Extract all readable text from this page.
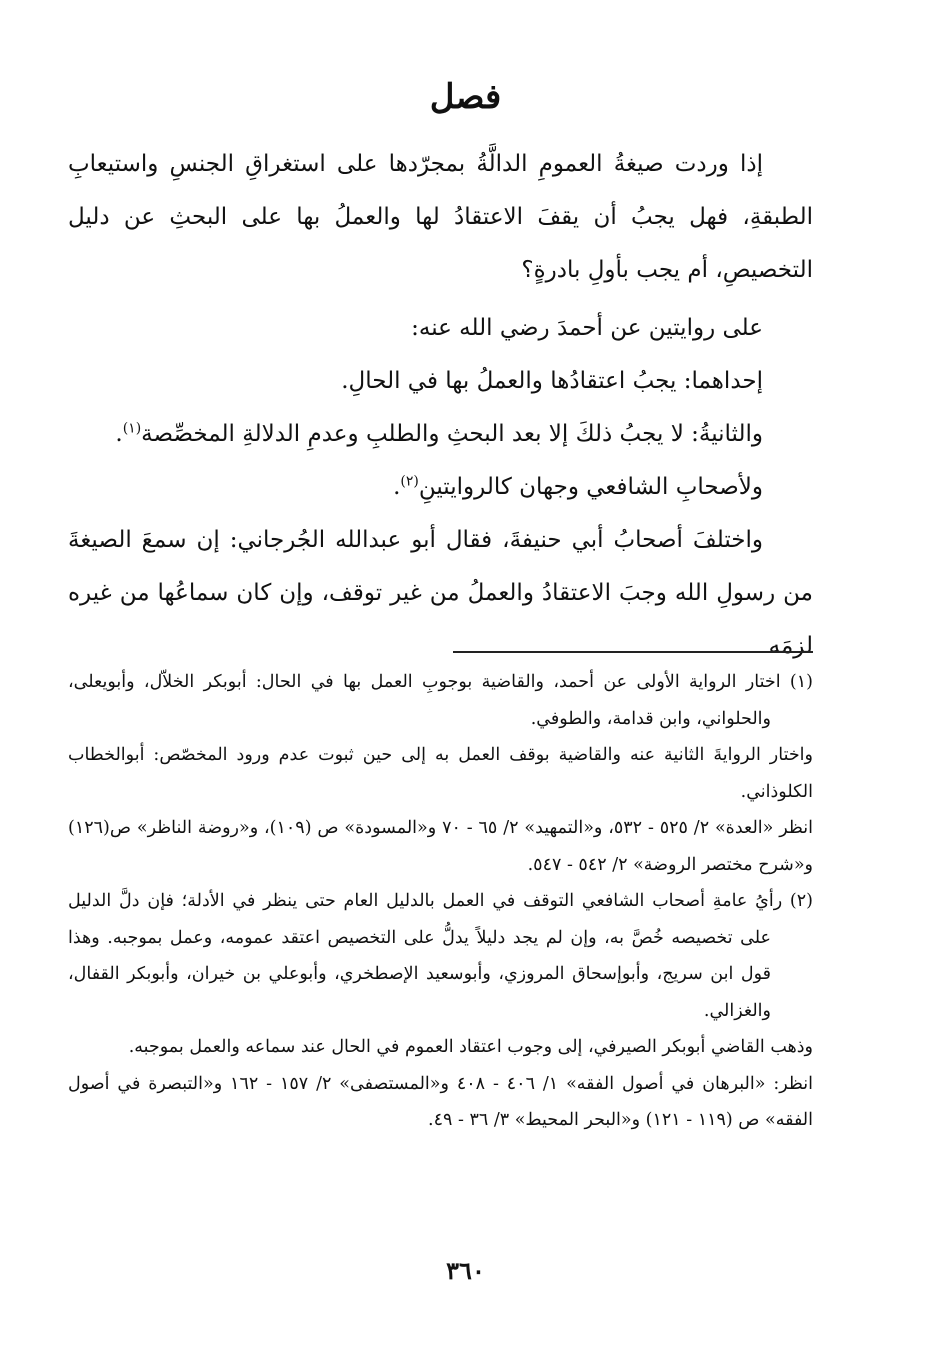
فصل

إذا وردت صيغةُ العمومِ الدالَّةُ بمجرّدها على استغراقِ الجنسِ واستيعابِ الطبقةِ، فهل يجبُ أن يقفَ الاعتقادُ لها والعملُ بها على البحثِ عن دليل التخصيصِ، أم يجب بأولِ بادرةٍ؟

على روايتين عن أحمدَ رضي الله عنه:

إحداهما: يجبُ اعتقادُها والعملُ بها في الحالِ.

والثانيةُ: لا يجبُ ذلكَ إلا بعد البحثِ والطلبِ وعدمِ الدلالةِ المخصِّصة$^{(١)}$.

ولأصحابِ الشافعي وجهان كالروايتينِ$^{(٢)}$.

واختلفَ أصحابُ أبي حنيفةَ، فقال أبو عبدالله الجُرجاني: إن سمعَ الصيغةَ من رسولِ الله وجبَ الاعتقادُ والعملُ من غير توقف، وإن كان سماعُها من غيره لزمَه

(١) اختار الرواية الأولى عن أحمد، والقاضية بوجوبِ العمل بها في الحال: أبوبكر الخلاّل، وأبويعلى، والحلواني، وابن قدامة، والطوفي.

واختار الروايةَ الثانية عنه والقاضية بوقف العمل به إلى حين ثبوت عدم ورود المخصّص: أبوالخطاب الكلوذاني.

انظر «العدة» ٢/ ٥٢٥ - ٥٣٢، و«التمهيد» ٢/ ٦٥ - ٧٠ و«المسودة» ص (١٠٩)، و«روضة الناظر» ص(١٢٦) و«شرح مختصر الروضة» ٢/ ٥٤٢ - ٥٤٧.

(٢) رأيُ عامةِ أصحاب الشافعي التوقف في العمل بالدليل العام حتى ينظر في الأدلة؛ فإن دلَّ الدليل على تخصيصه خُصَّ به، وإن لم يجد دليلاً يدلُّ على التخصيص اعتقد عمومه، وعمل بموجبه. وهذا قول ابن سريج، وأبوإسحاق المروزي، وأبوسعيد الإصطخري، وأبوعلي بن خيران، وأبوبكر القفال، والغزالي.

وذهب القاضي أبوبكر الصيرفي، إلى وجوب اعتقاد العموم في الحال عند سماعه والعمل بموجبه.

انظر: «البرهان في أصول الفقه» ١/ ٤٠٦ - ٤٠٨ و«المستصفى» ٢/ ١٥٧ - ١٦٢ و«التبصرة في أصول الفقه» ص (١١٩ - ١٢١) و«البحر المحيط» ٣/ ٣٦ - ٤٩.

٣٦٠
